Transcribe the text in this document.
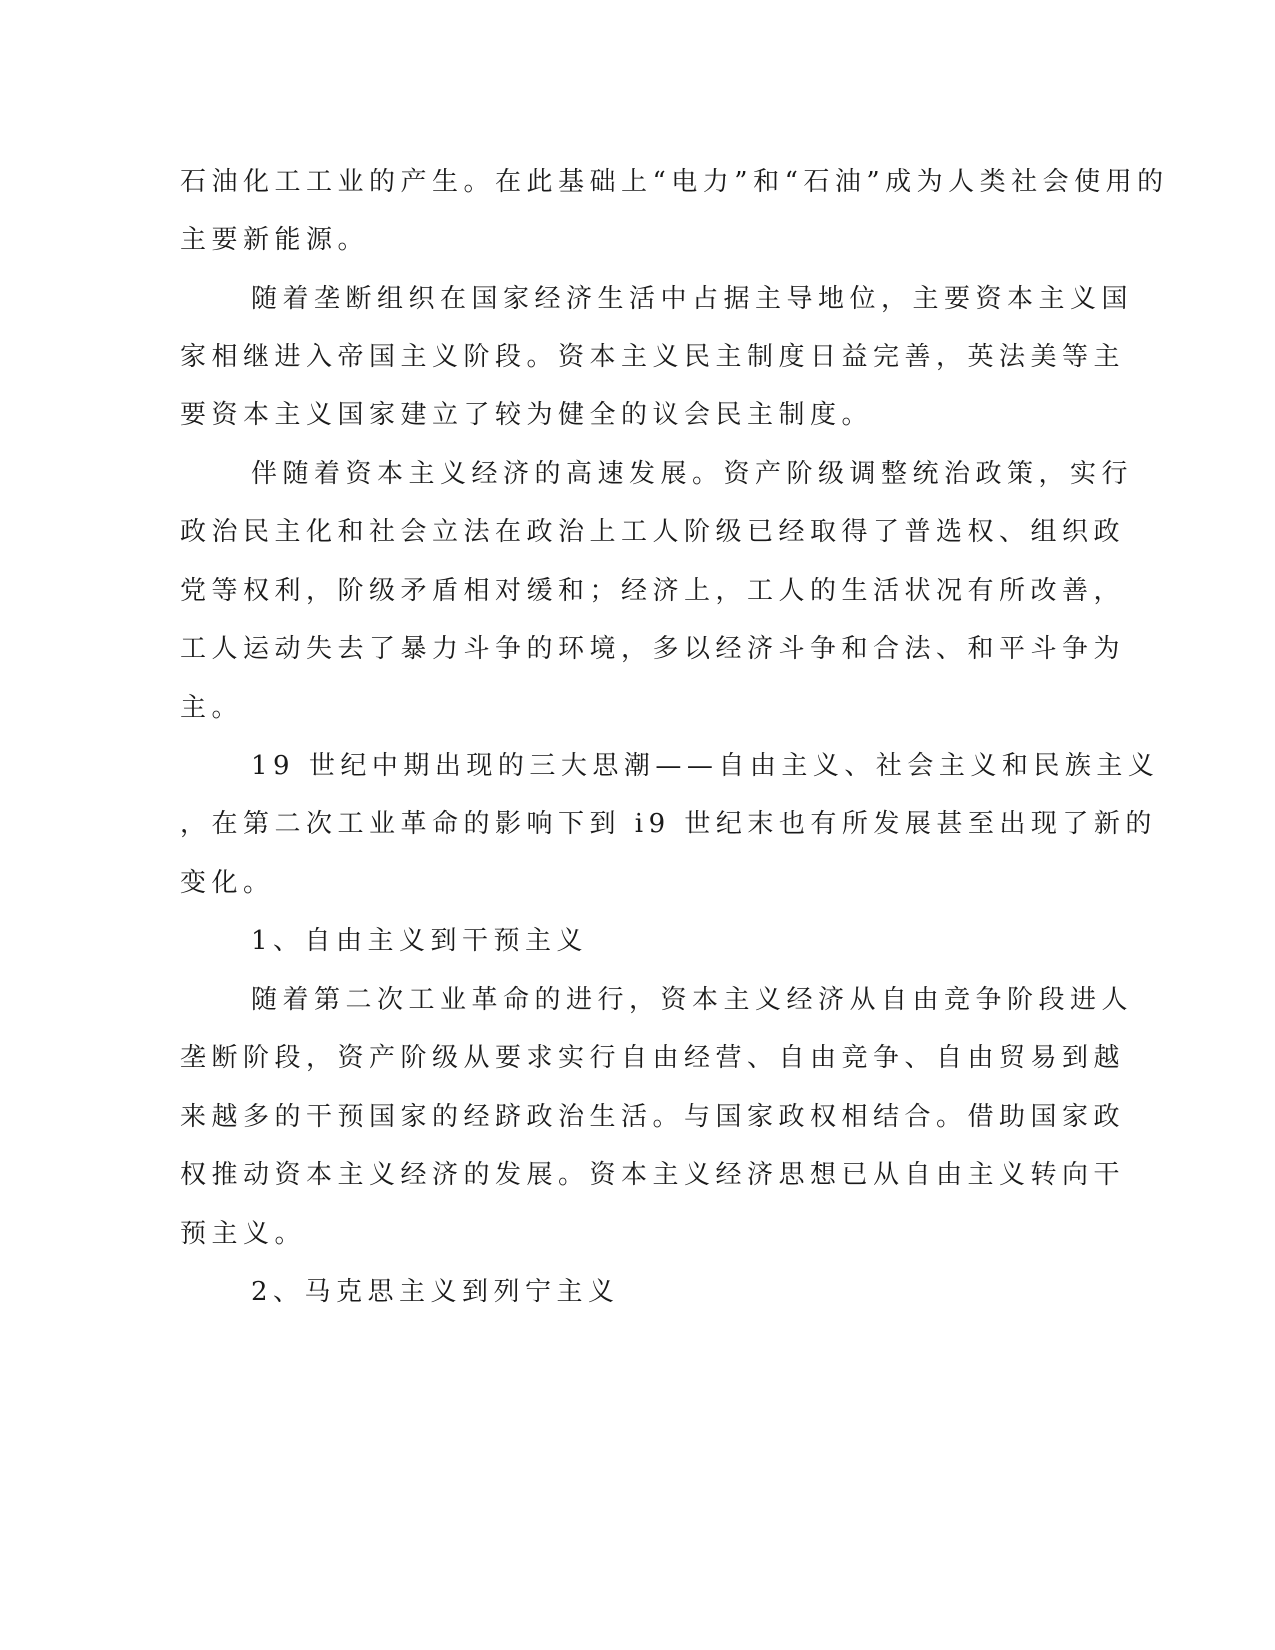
石油化工工业的产生。在此基础上“电力”和“石油”成为人类社会使用的

主要新能源。

随着垄断组织在国家经济生活中占据主导地位，主要资本主义国

家相继进入帝国主义阶段。资本主义民主制度日益完善，英法美等主

要资本主义国家建立了较为健全的议会民主制度。

伴随着资本主义经济的高速发展。资产阶级调整统治政策，实行

政治民主化和社会立法在政治上工人阶级已经取得了普选权、组织政

党等权利，阶级矛盾相对缓和；经济上，工人的生活状况有所改善，

工人运动失去了暴力斗争的环境，多以经济斗争和合法、和平斗争为

主。

19 世纪中期出现的三大思潮——自由主义、社会主义和民族主义

，在第二次工业革命的影响下到 i9 世纪末也有所发展甚至出现了新的

变化。

1、自由主义到干预主义

随着第二次工业革命的进行，资本主义经济从自由竞争阶段进人

垄断阶段，资产阶级从要求实行自由经营、自由竞争、自由贸易到越

来越多的干预国家的经跻政治生活。与国家政权相结合。借助国家政

权推动资本主义经济的发展。资本主义经济思想已从自由主义转向干

预主义。

2、马克思主义到列宁主义
